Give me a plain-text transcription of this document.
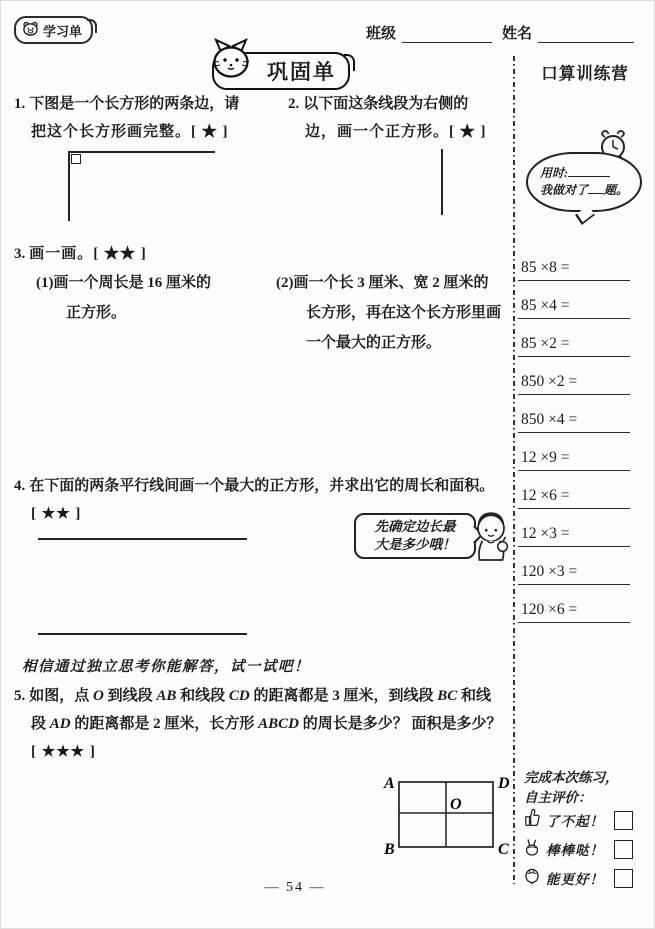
学习单	班级	姓名
巩固单
1. 下图是一个长方形的两条边，请
把这个长方形画完整。[ ★ ]
2. 以下面这条线段为右侧的
边，画一个正方形。[ ★ ]
3. 画一画。[ ★★ ]
(1)画一个周长是 16 厘米的
正方形。
(2)画一个长 3 厘米、宽 2 厘米的
长方形，再在这个长方形里画
一个最大的正方形。
4. 在下面的两条平行线间画一个最大的正方形，并求出它的周长和面积。
[ ★★ ]
先确定边长最
大是多少哦！
相信通过独立思考你能解答，试一试吧！
5. 如图，点 O 到线段 AB 和线段 CD 的距离都是 3 厘米，到线段 BC 和线
段 AD 的距离都是 2 厘米，长方形 ABCD 的周长是多少？ 面积是多少？
[ ★★★ ]
A	D
B	C
O
— 54 —
口算训练营
用时:
我做对了 题。
85 ×8 =
85 ×4 =
85 ×2 =
850 ×2 =
850 ×4 =
12 ×9 =
12 ×6 =
12 ×3 =
120 ×3 =
120 ×6 =
完成本次练习，
自主评价：
了不起！
棒棒哒！
能更好！
